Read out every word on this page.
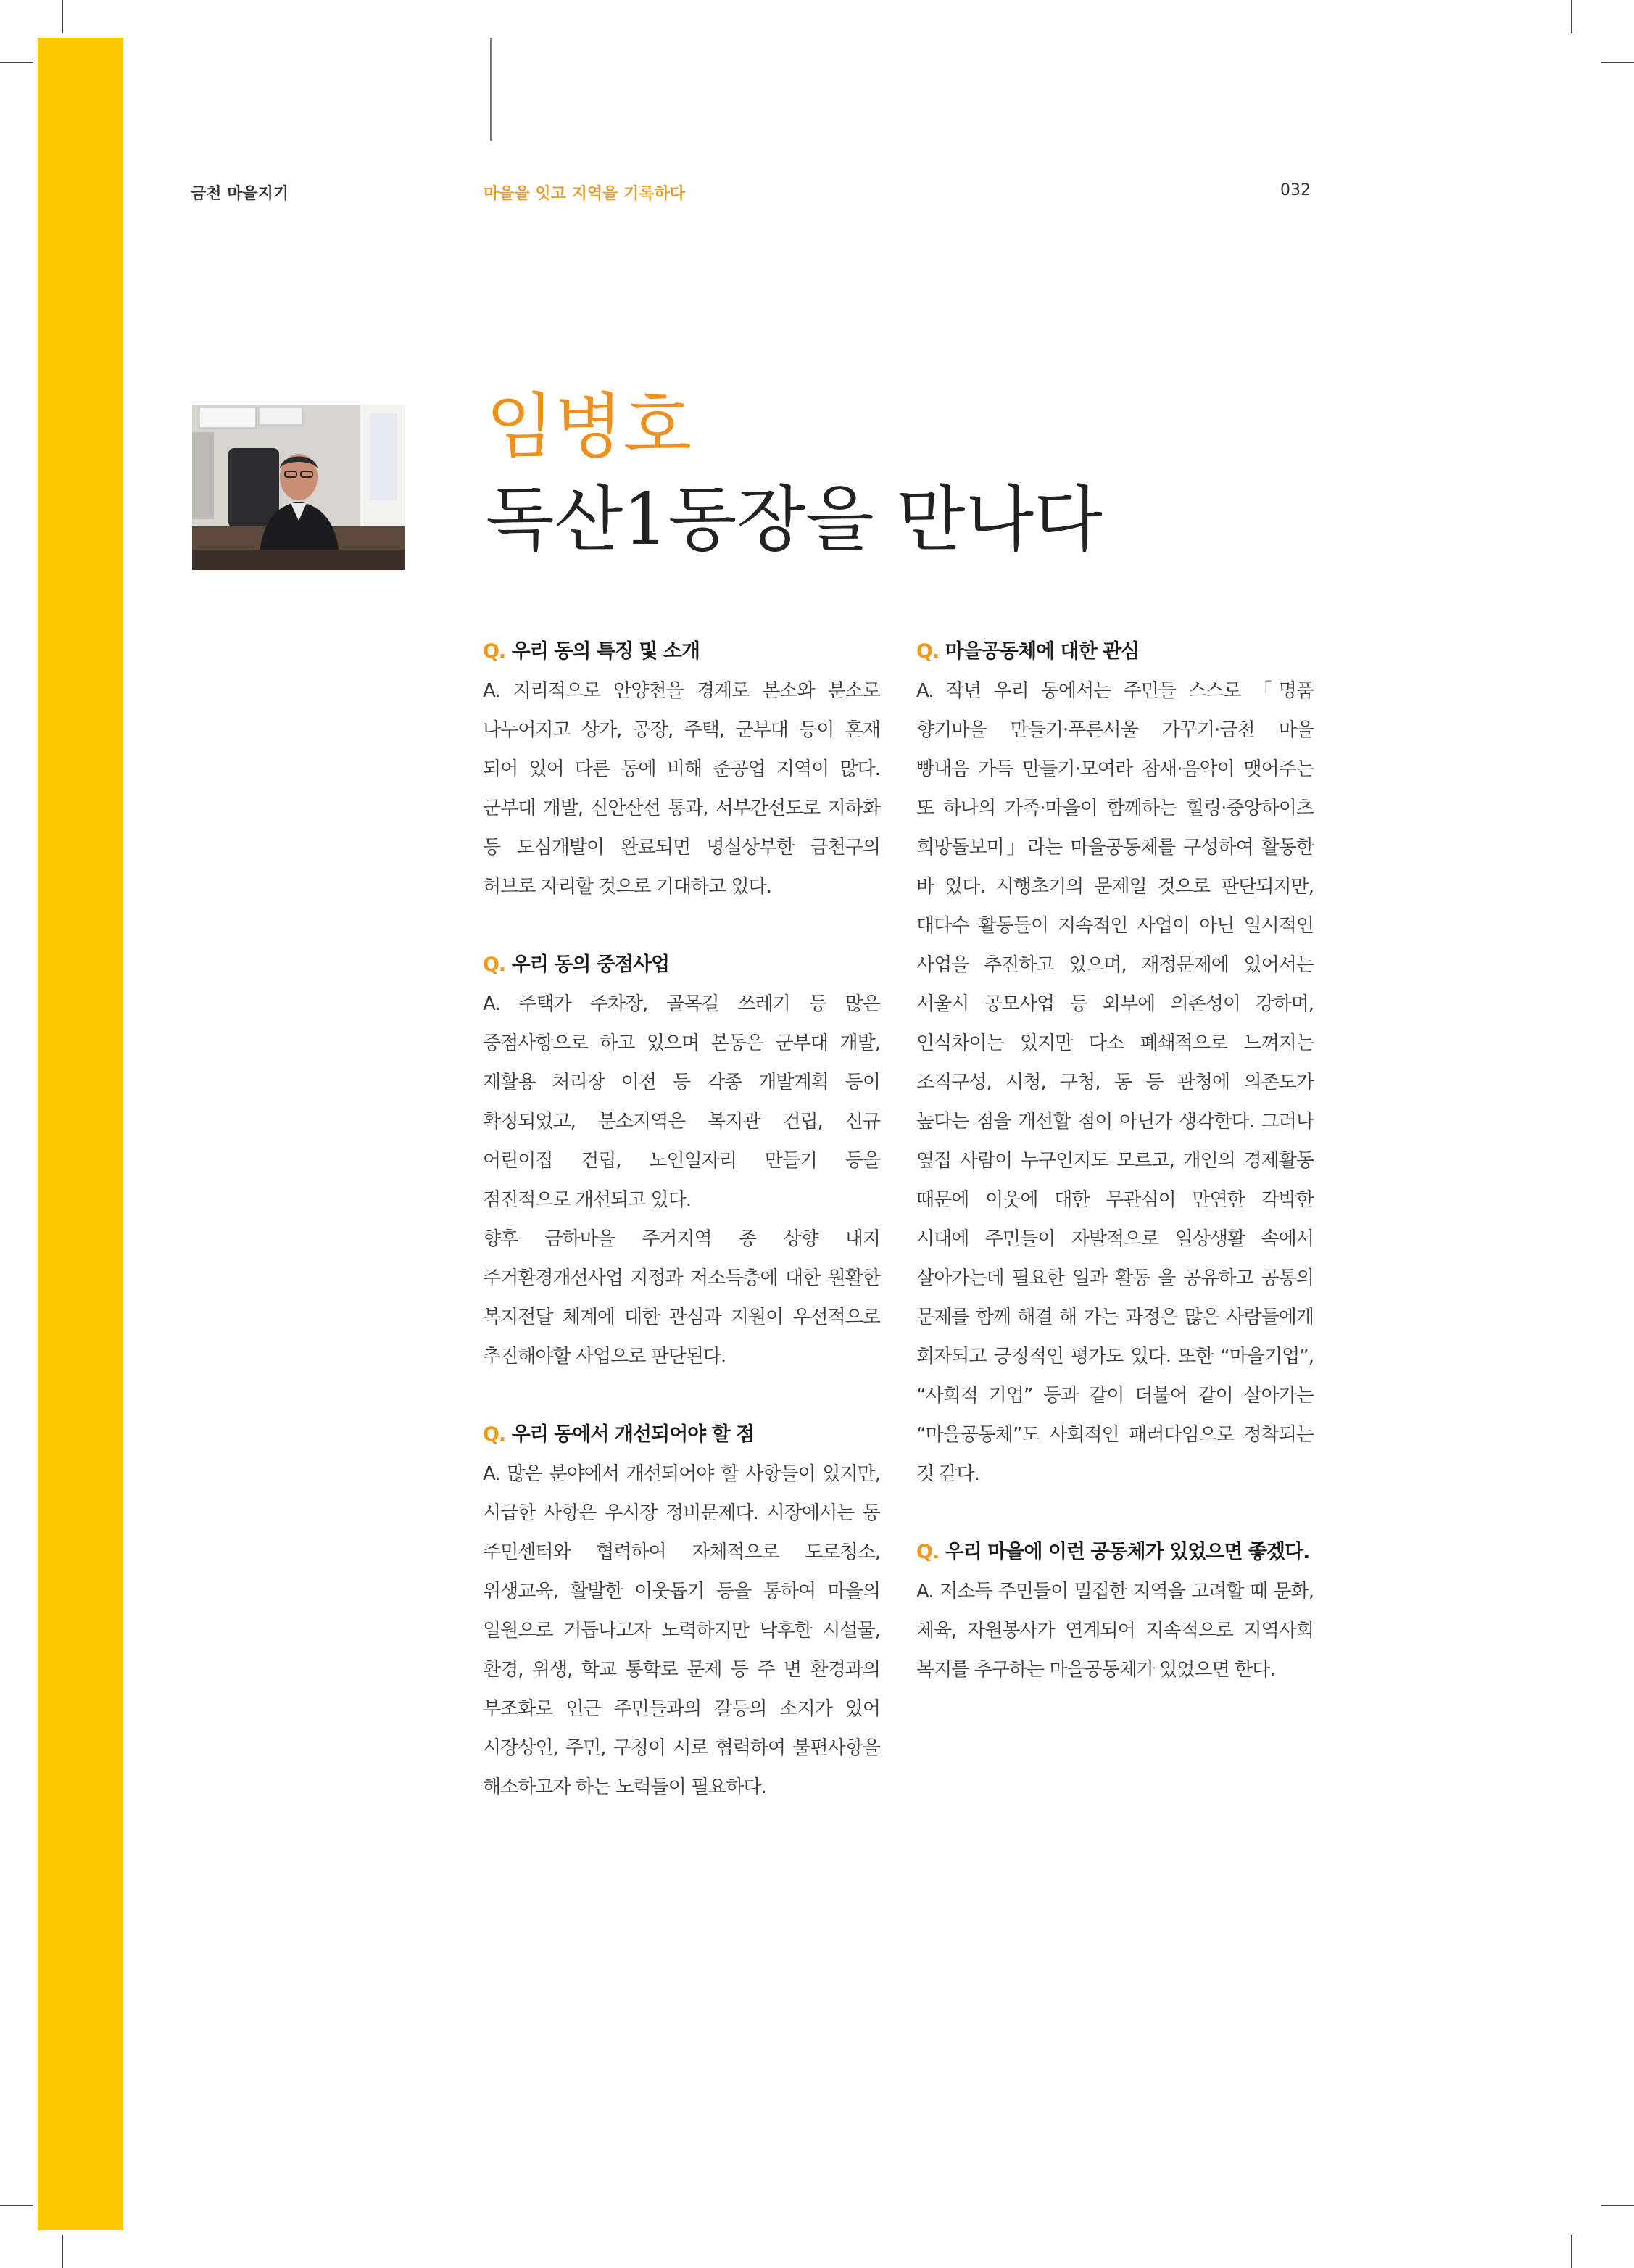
금천 마을지기	마을을 잇고 지역을 기록하다	032
임병호
독산1동장을 만나다

Q. 우리 동의 특징 및 소개

A. 지리적으로 안양천을 경계로 본소와 분소로 나누어지고 상가, 공장, 주택, 군부대 등이 혼재 되어 있어 다른 동에 비해 준공업 지역이 많다. 군부대 개발, 신안산선 통과, 서부간선도로 지하화 등 도심개발이 완료되면 명실상부한 금천구의 허브로 자리할 것으로 기대하고 있다.

Q. 우리 동의 중점사업

A. 주택가 주차장, 골목길 쓰레기 등 많은 중점사항으로 하고 있으며 본동은 군부대 개발, 재활용 처리장 이전 등 각종 개발계획 등이 확정되었고, 분소지역은 복지관 건립, 신규 어린이집 건립, 노인일자리 만들기 등을 점진적으로 개선되고 있다.

향후 금하마을 주거지역 종 상향 내지 주거환경개선사업 지정과 저소득층에 대한 원활한 복지전달 체계에 대한 관심과 지원이 우선적으로 추진해야할 사업으로 판단된다.

Q. 우리 동에서 개선되어야 할 점

A. 많은 분야에서 개선되어야 할 사항들이 있지만, 시급한 사항은 우시장 정비문제다. 시장에서는 동 주민센터와 협력하여 자체적으로 도로청소, 위생교육, 활발한 이웃돕기 등을 통하여 마을의 일원으로 거듭나고자 노력하지만 낙후한 시설물, 환경, 위생, 학교 통학로 문제 등 주 변 환경과의 부조화로 인근 주민들과의 갈등의 소지가 있어 시장상인, 주민, 구청이 서로 협력하여 불편사항을 해소하고자 하는 노력들이 필요하다.

Q. 마을공동체에 대한 관심

A. 작년 우리 동에서는 주민들 스스로 「명품 향기마을 만들기·푸른서울 가꾸기·금천 마을 빵내음 가득 만들기·모여라 참새·음악이 맺어주는 또 하나의 가족·마을이 함께하는 힐링·중앙하이츠 희망돌보미」라는 마을공동체를 구성하여 활동한 바 있다. 시행초기의 문제일 것으로 판단되지만, 대다수 활동들이 지속적인 사업이 아닌 일시적인 사업을 추진하고 있으며, 재정문제에 있어서는 서울시 공모사업 등 외부에 의존성이 강하며, 인식차이는 있지만 다소 폐쇄적으로 느껴지는 조직구성, 시청, 구청, 동 등 관청에 의존도가 높다는 점을 개선할 점이 아닌가 생각한다. 그러나 옆집 사람이 누구인지도 모르고, 개인의 경제활동 때문에 이웃에 대한 무관심이 만연한 각박한 시대에 주민들이 자발적으로 일상생활 속에서 살아가는데 필요한 일과 활동 을 공유하고 공통의 문제를 함께 해결 해 가는 과정은 많은 사람들에게 회자되고 긍정적인 평가도 있다. 또한 “마을기업”, “사회적 기업” 등과 같이 더불어 같이 살아가는 “마을공동체”도 사회적인 패러다임으로 정착되는 것 같다.

Q. 우리 마을에 이런 공동체가 있었으면 좋겠다.

A. 저소득 주민들이 밀집한 지역을 고려할 때 문화, 체육, 자원봉사가 연계되어 지속적으로 지역사회 복지를 추구하는 마을공동체가 있었으면 한다.
